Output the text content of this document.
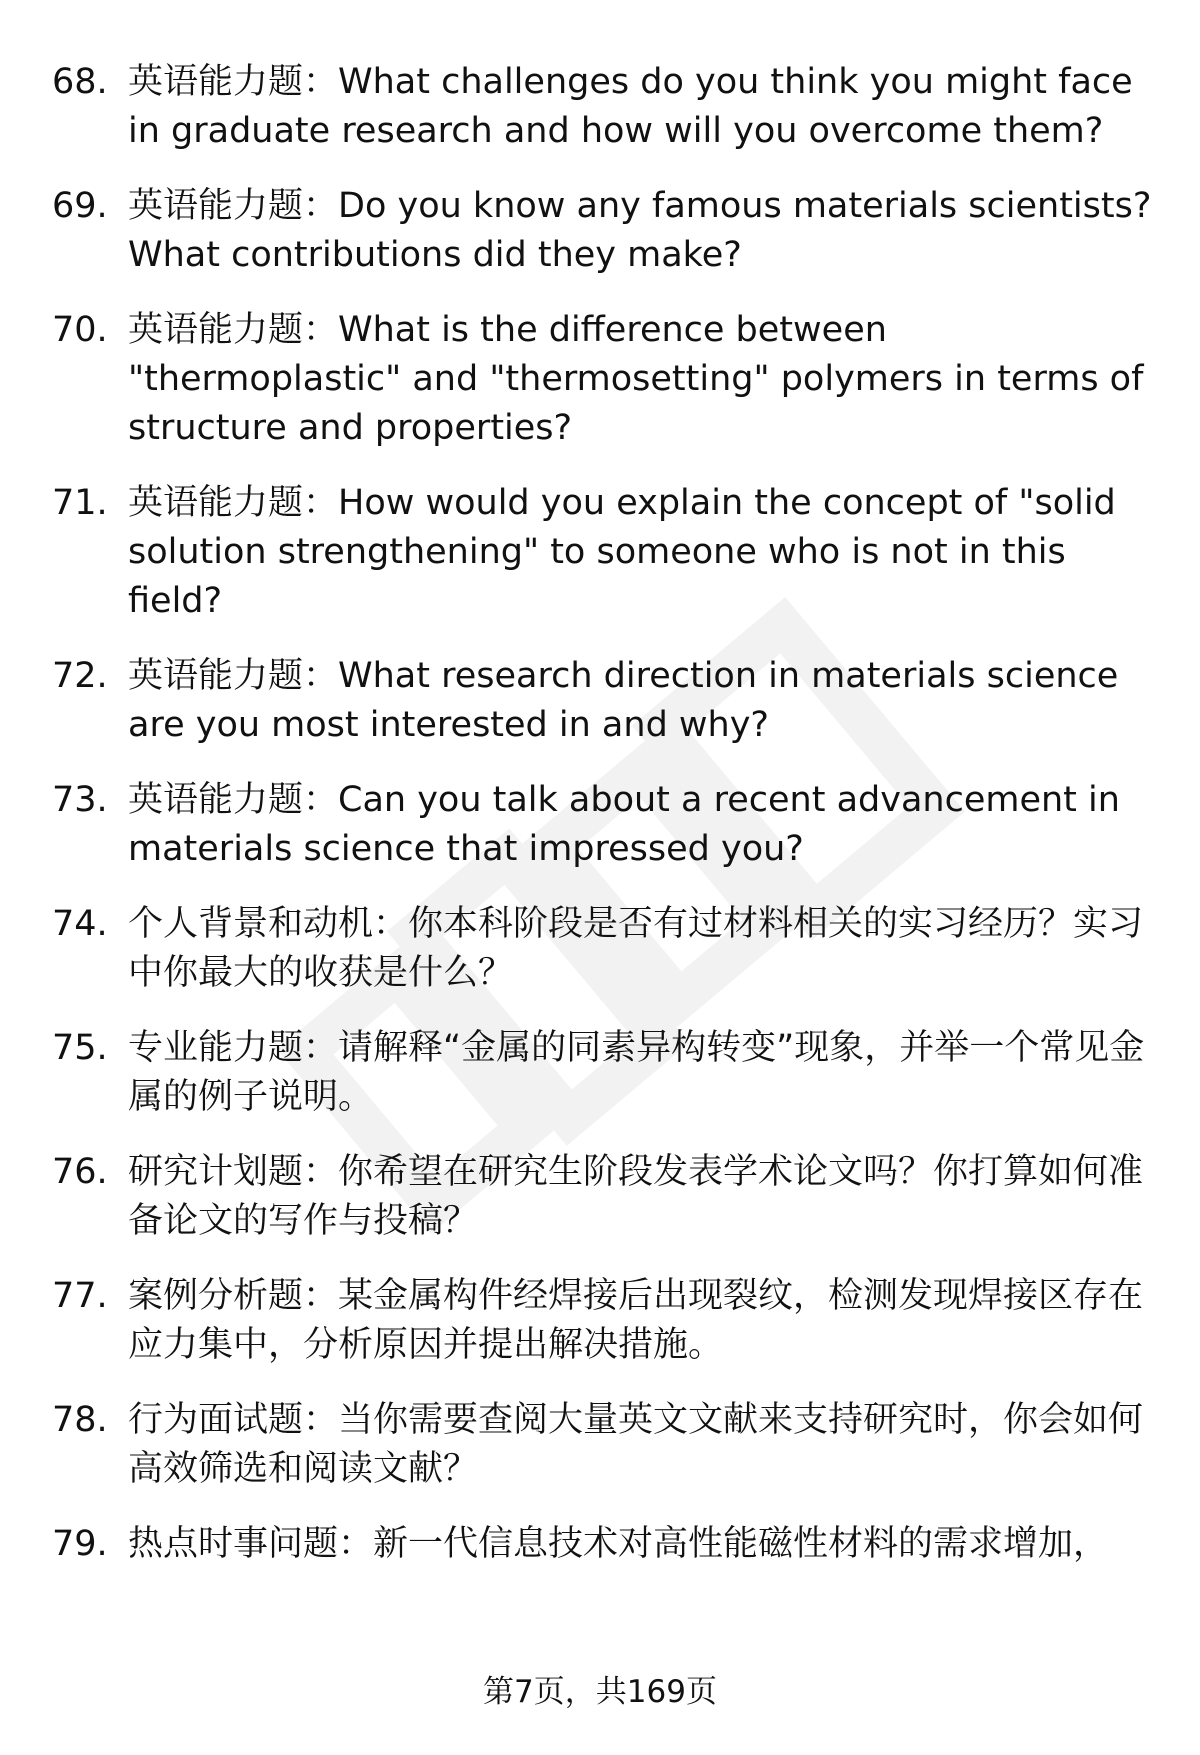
68. 英语能力题：What challenges do you think you might face in graduate research and how will you overcome them?
69. 英语能力题：Do you know any famous materials scientists? What contributions did they make?
70. 英语能力题：What is the difference between "thermoplastic" and "thermosetting" polymers in terms of structure and properties?
71. 英语能力题：How would you explain the concept of "solid solution strengthening" to someone who is not in this field?
72. 英语能力题：What research direction in materials science are you most interested in and why?
73. 英语能力题：Can you talk about a recent advancement in materials science that impressed you?
74. 个人背景和动机：你本科阶段是否有过材料相关的实习经历？实习中你最大的收获是什么？
75. 专业能力题：请解释“金属的同素异构转变”现象，并举一个常见金属的例子说明。
76. 研究计划题：你希望在研究生阶段发表学术论文吗？你打算如何准备论文的写作与投稿？
77. 案例分析题：某金属构件经焊接后出现裂纹，检测发现焊接区存在应力集中，分析原因并提出解决措施。
78. 行为面试题：当你需要查阅大量英文文献来支持研究时，你会如何高效筛选和阅读文献？
79. 热点时事问题：新一代信息技术对高性能磁性材料的需求增加，
第7页，共169页
